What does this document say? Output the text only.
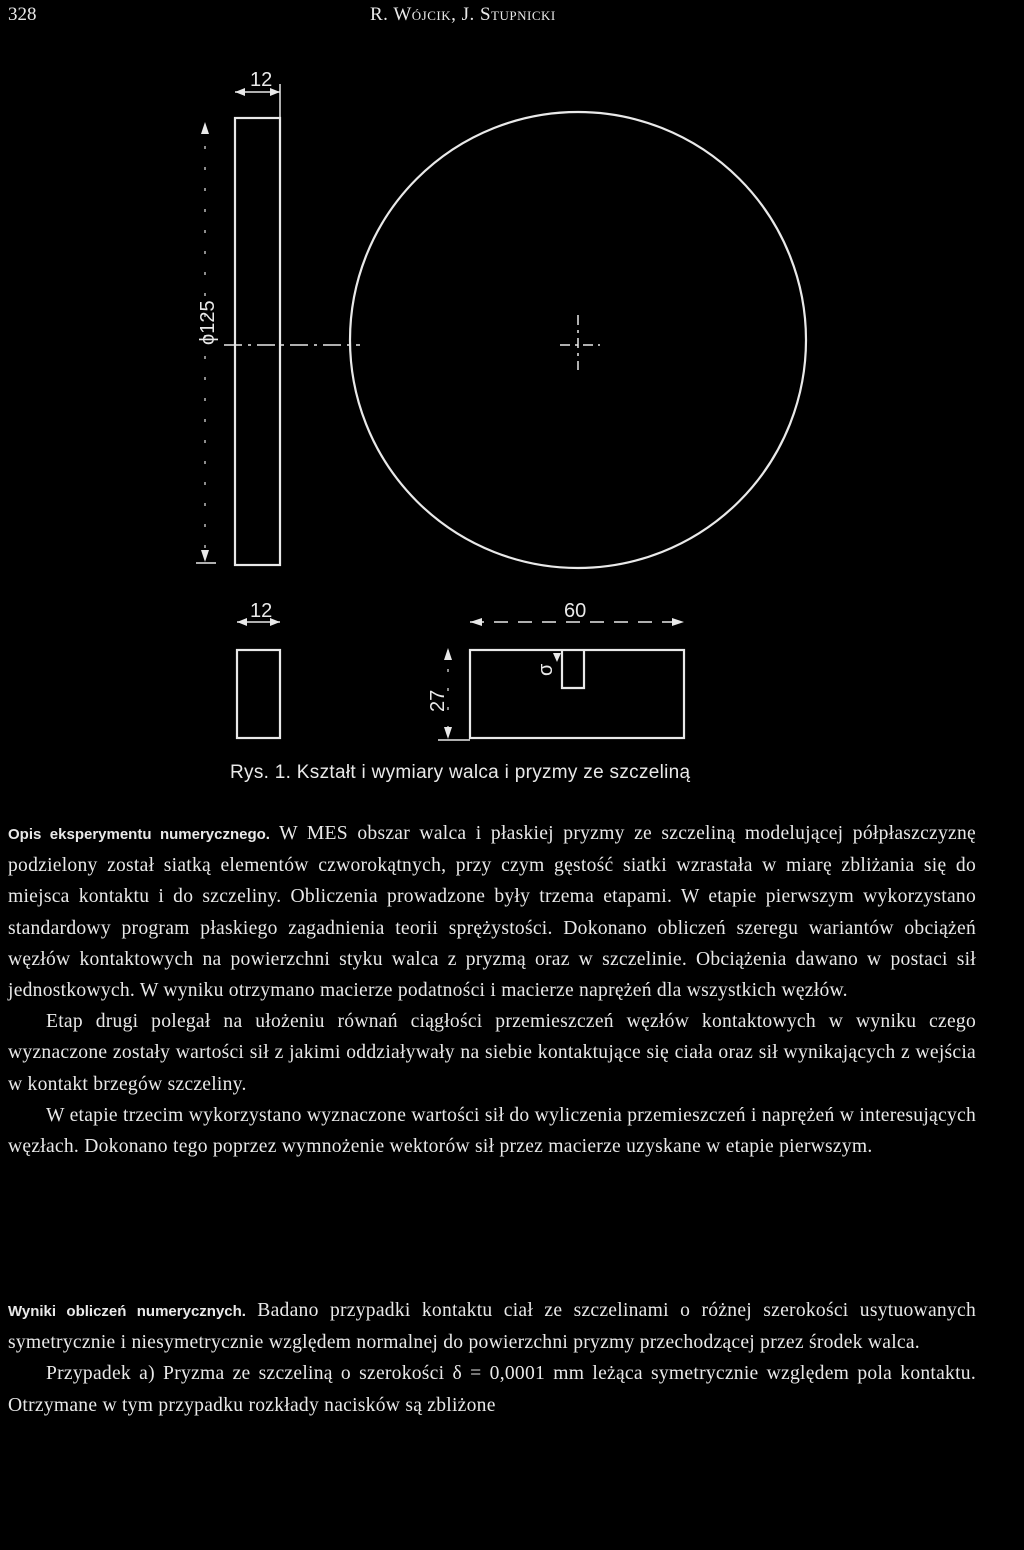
328	R. Wójcik, J. Stupnicki
12
ϕ125
12	60
27
σ
Rys. 1. Kształt i wymiary walca i pryzmy ze szczeliną

Opis eksperymentu numerycznego. W MES obszar walca i płaskiej pryzmy ze szczeliną modelującej półpłaszczyznę podzielony został siatką elementów czworokątnych, przy czym gęstość siatki wzrastała w miarę zbliżania się do miejsca kontaktu i do szczeliny. Obliczenia prowadzone były trzema etapami. W etapie pierwszym wykorzystano standardowy program płaskiego zagadnienia teorii sprężystości. Dokonano obliczeń szeregu wariantów obciążeń węzłów kontaktowych na powierzchni styku walca z pryzmą oraz w szczelinie. Obciążenia dawano w postaci sił jednostkowych. W wyniku otrzymano macierze podatności i macierze naprężeń dla wszystkich węzłów.

Etap drugi polegał na ułożeniu równań ciągłości przemieszczeń węzłów kontaktowych w wyniku czego wyznaczone zostały wartości sił z jakimi oddziaływały na siebie kontaktujące się ciała oraz sił wynikających z wejścia w kontakt brzegów szczeliny.

W etapie trzecim wykorzystano wyznaczone wartości sił do wyliczenia przemieszczeń i naprężeń w interesujących węzłach. Dokonano tego poprzez wymnożenie wektorów sił przez macierze uzyskane w etapie pierwszym.

Wyniki obliczeń numerycznych. Badano przypadki kontaktu ciał ze szczelinami o różnej szerokości usytuowanych symetrycznie i niesymetrycznie względem normalnej do powierzchni pryzmy przechodzącej przez środek walca.

Przypadek a) Pryzma ze szczeliną o szerokości δ = 0,0001 mm leżąca symetrycznie względem pola kontaktu. Otrzymane w tym przypadku rozkłady nacisków są zbliżone
